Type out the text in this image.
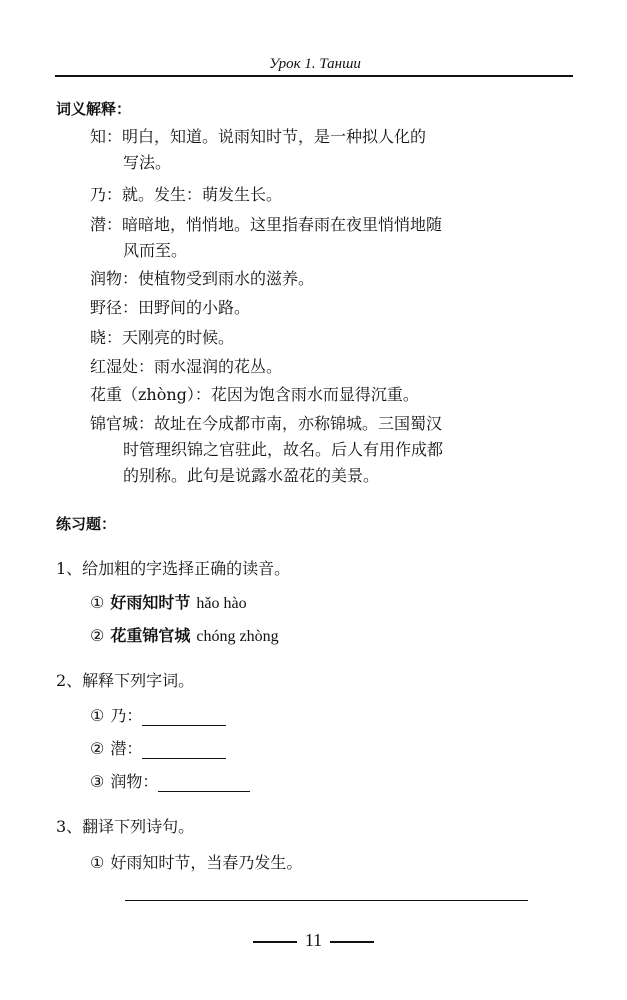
Урок 1. Таншu
词义解释：
知：明白，知道。说雨知时节，是一种拟人化的
写法。
乃：就。发生：萌发生长。
潜：暗暗地，悄悄地。这里指春雨在夜里悄悄地随
风而至。
润物：使植物受到雨水的滋养。
野径：田野间的小路。
晓：天刚亮的时候。
红湿处：雨水湿润的花丛。
花重（zhòng）：花因为饱含雨水而显得沉重。
锦官城：故址在今成都市南，亦称锦城。三国蜀汉
时管理织锦之官驻此，故名。后人有用作成都
的别称。此句是说露水盈花的美景。
练习题：
1、给加粗的字选择正确的读音。
① 好雨知时节 hǎo hào
② 花重锦官城 chóng zhòng
2、解释下列字词。
① 乃：
② 潜：
③ 润物：
3、翻译下列诗句。
① 好雨知时节，当春乃发生。
11
